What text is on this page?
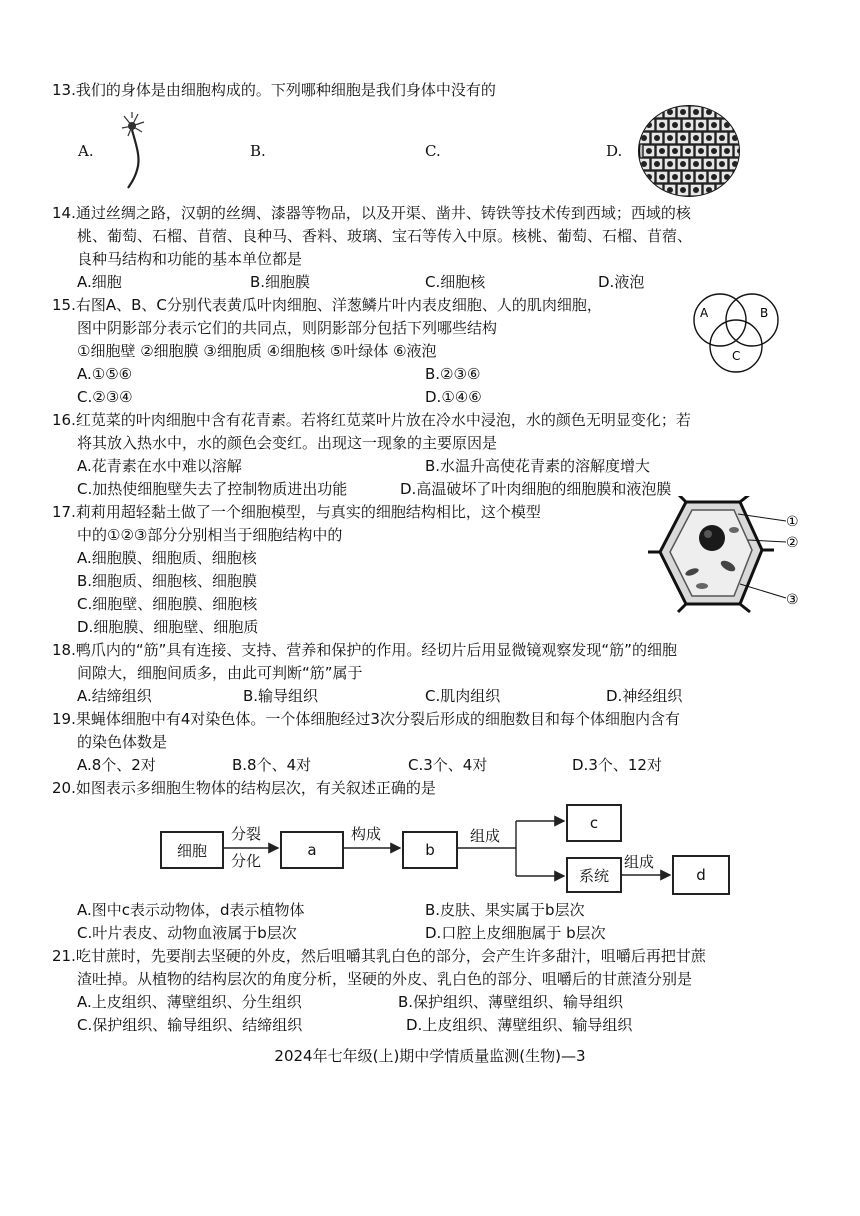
13.我们的身体是由细胞构成的。下列哪种细胞是我们身体中没有的
A.	B.	C.	D.
14.通过丝绸之路，汉朝的丝绸、漆器等物品，以及开渠、凿井、铸铁等技术传到西域；西域的核
桃、葡萄、石榴、苜蓿、良种马、香料、玻璃、宝石等传入中原。核桃、葡萄、石榴、苜蓿、
良种马结构和功能的基本单位都是
A.细胞	B.细胞膜	C.细胞核	D.液泡
15.右图A、B、C分别代表黄瓜叶肉细胞、洋葱鳞片叶内表皮细胞、人的肌肉细胞，
图中阴影部分表示它们的共同点，则阴影部分包括下列哪些结构
①细胞壁 ②细胞膜 ③细胞质 ④细胞核 ⑤叶绿体 ⑥液泡
A.①⑤⑥	B.②③⑥
C.②③④	D.①④⑥
A	B
C
16.红苋菜的叶肉细胞中含有花青素。若将红苋菜叶片放在冷水中浸泡，水的颜色无明显变化；若
将其放入热水中，水的颜色会变红。出现这一现象的主要原因是
A.花青素在水中难以溶解	B.水温升高使花青素的溶解度增大
C.加热使细胞壁失去了控制物质进出功能	D.高温破坏了叶肉细胞的细胞膜和液泡膜
17.莉莉用超轻黏土做了一个细胞模型，与真实的细胞结构相比，这个模型
中的①②③部分分别相当于细胞结构中的
A.细胞膜、细胞质、细胞核
B.细胞质、细胞核、细胞膜
C.细胞壁、细胞膜、细胞核
D.细胞膜、细胞壁、细胞质
①
②
③
18.鸭爪内的“筋”具有连接、支持、营养和保护的作用。经切片后用显微镜观察发现“筋”的细胞
间隙大，细胞间质多，由此可判断“筋”属于
A.结缔组织	B.输导组织	C.肌肉组织	D.神经组织
19.果蝇体细胞中有4对染色体。一个体细胞经过3次分裂后形成的细胞数目和每个体细胞内含有
的染色体数是
A.8个、2对	B.8个、4对	C.3个、4对	D.3个、12对
20.如图表示多细胞生物体的结构层次，有关叙述正确的是
细胞
分裂
分化
a
构成
b
组成
c
系统
组成
d
A.图中c表示动物体，d表示植物体	B.皮肤、果实属于b层次
C.叶片表皮、动物血液属于b层次	D.口腔上皮细胞属于 b层次
21.吃甘蔗时，先要削去坚硬的外皮，然后咀嚼其乳白色的部分，会产生许多甜汁，咀嚼后再把甘蔗
渣吐掉。从植物的结构层次的角度分析，坚硬的外皮、乳白色的部分、咀嚼后的甘蔗渣分别是
A.上皮组织、薄壁组织、分生组织	B.保护组织、薄壁组织、输导组织
C.保护组织、输导组织、结缔组织	D.上皮组织、薄壁组织、输导组织
2024年七年级(上)期中学情质量监测(生物)—3
